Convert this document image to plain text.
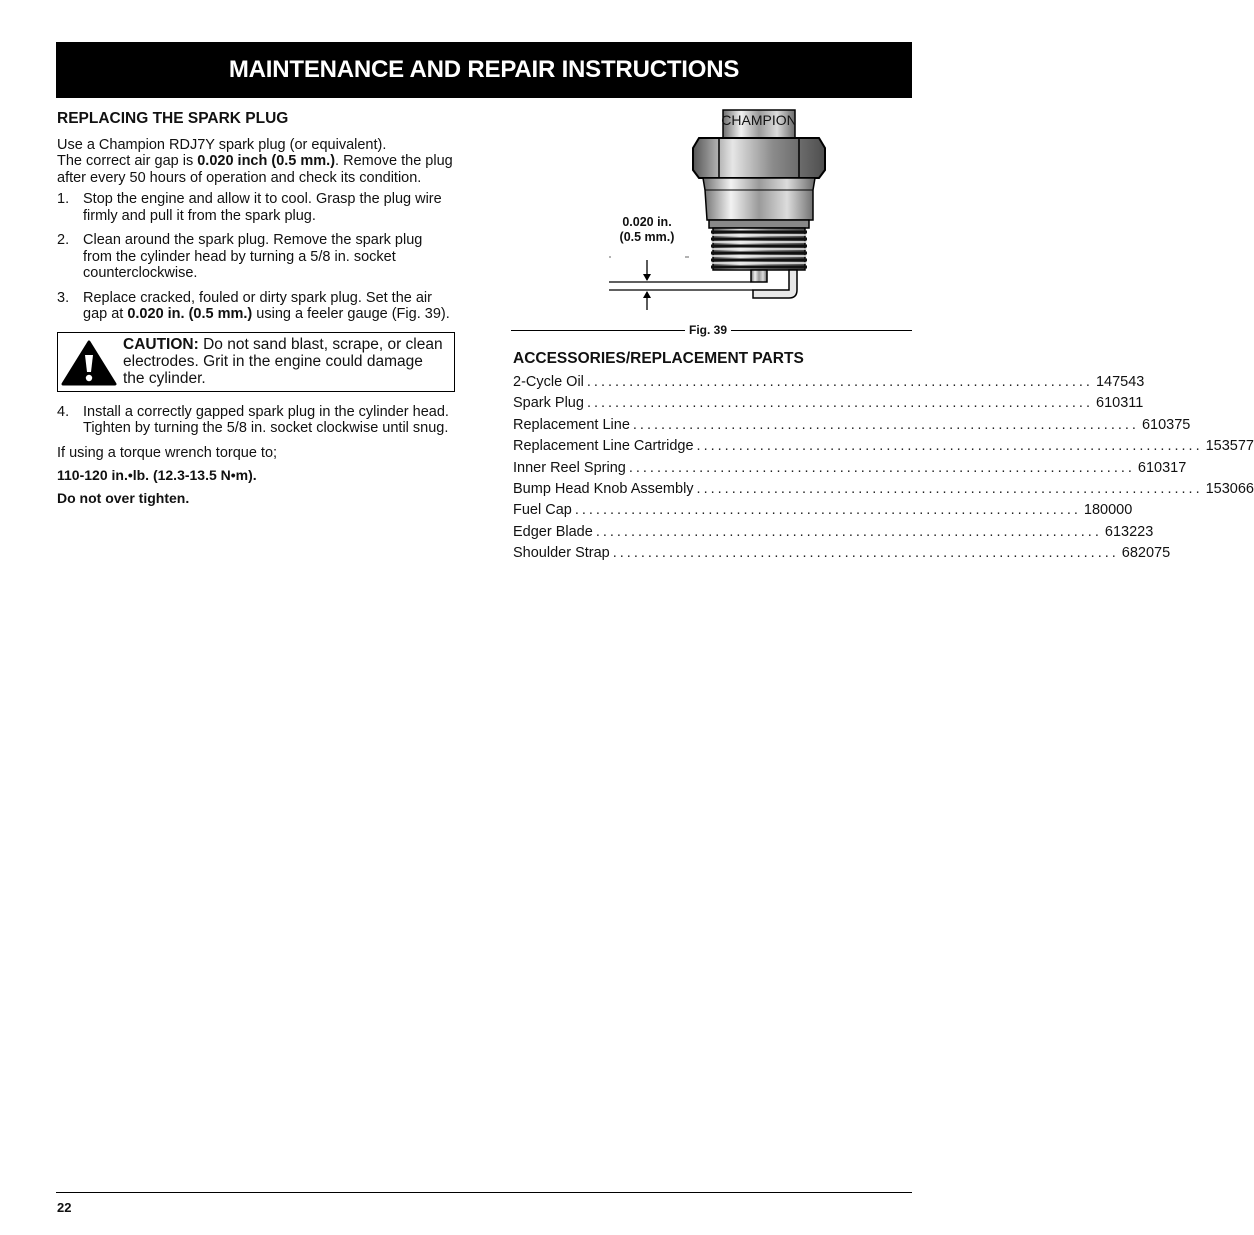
MAINTENANCE AND REPAIR INSTRUCTIONS
REPLACING THE SPARK PLUG

Use a Champion RDJ7Y spark plug (or equivalent).

The correct air gap is 0.020 inch (0.5 mm.). Remove the plug after every 50 hours of operation and check its condition.

1. Stop the engine and allow it to cool. Grasp the plug wire firmly and pull it from the spark plug.
2. Clean around the spark plug. Remove the spark plug from the cylinder head by turning a 5/8 in. socket counterclockwise.
3. Replace cracked, fouled or dirty spark plug. Set the air gap at 0.020 in. (0.5 mm.) using a feeler gauge (Fig. 39).
CAUTION: Do not sand blast, scrape, or clean electrodes. Grit in the engine could damage the cylinder.
4. Install a correctly gapped spark plug in the cylinder head. Tighten by turning the 5/8 in. socket clockwise until snug.

If using a torque wrench torque to;

110-120 in.•lb. (12.3-13.5 N•m).

Do not over tighten.

CHAMPION
0.020 in.
(0.5 mm.)
Fig. 39
ACCESSORIES/REPLACEMENT PARTS
2-Cycle Oil ........................................................................ 147543
Spark Plug ........................................................................ 610311
Replacement Line ........................................................................ 610375
Replacement Line Cartridge ........................................................................ 153577
Inner Reel Spring ........................................................................ 610317
Bump Head Knob Assembly ........................................................................ 153066
Fuel Cap ........................................................................ 180000
Edger Blade ........................................................................ 613223
Shoulder Strap ........................................................................ 682075
22
